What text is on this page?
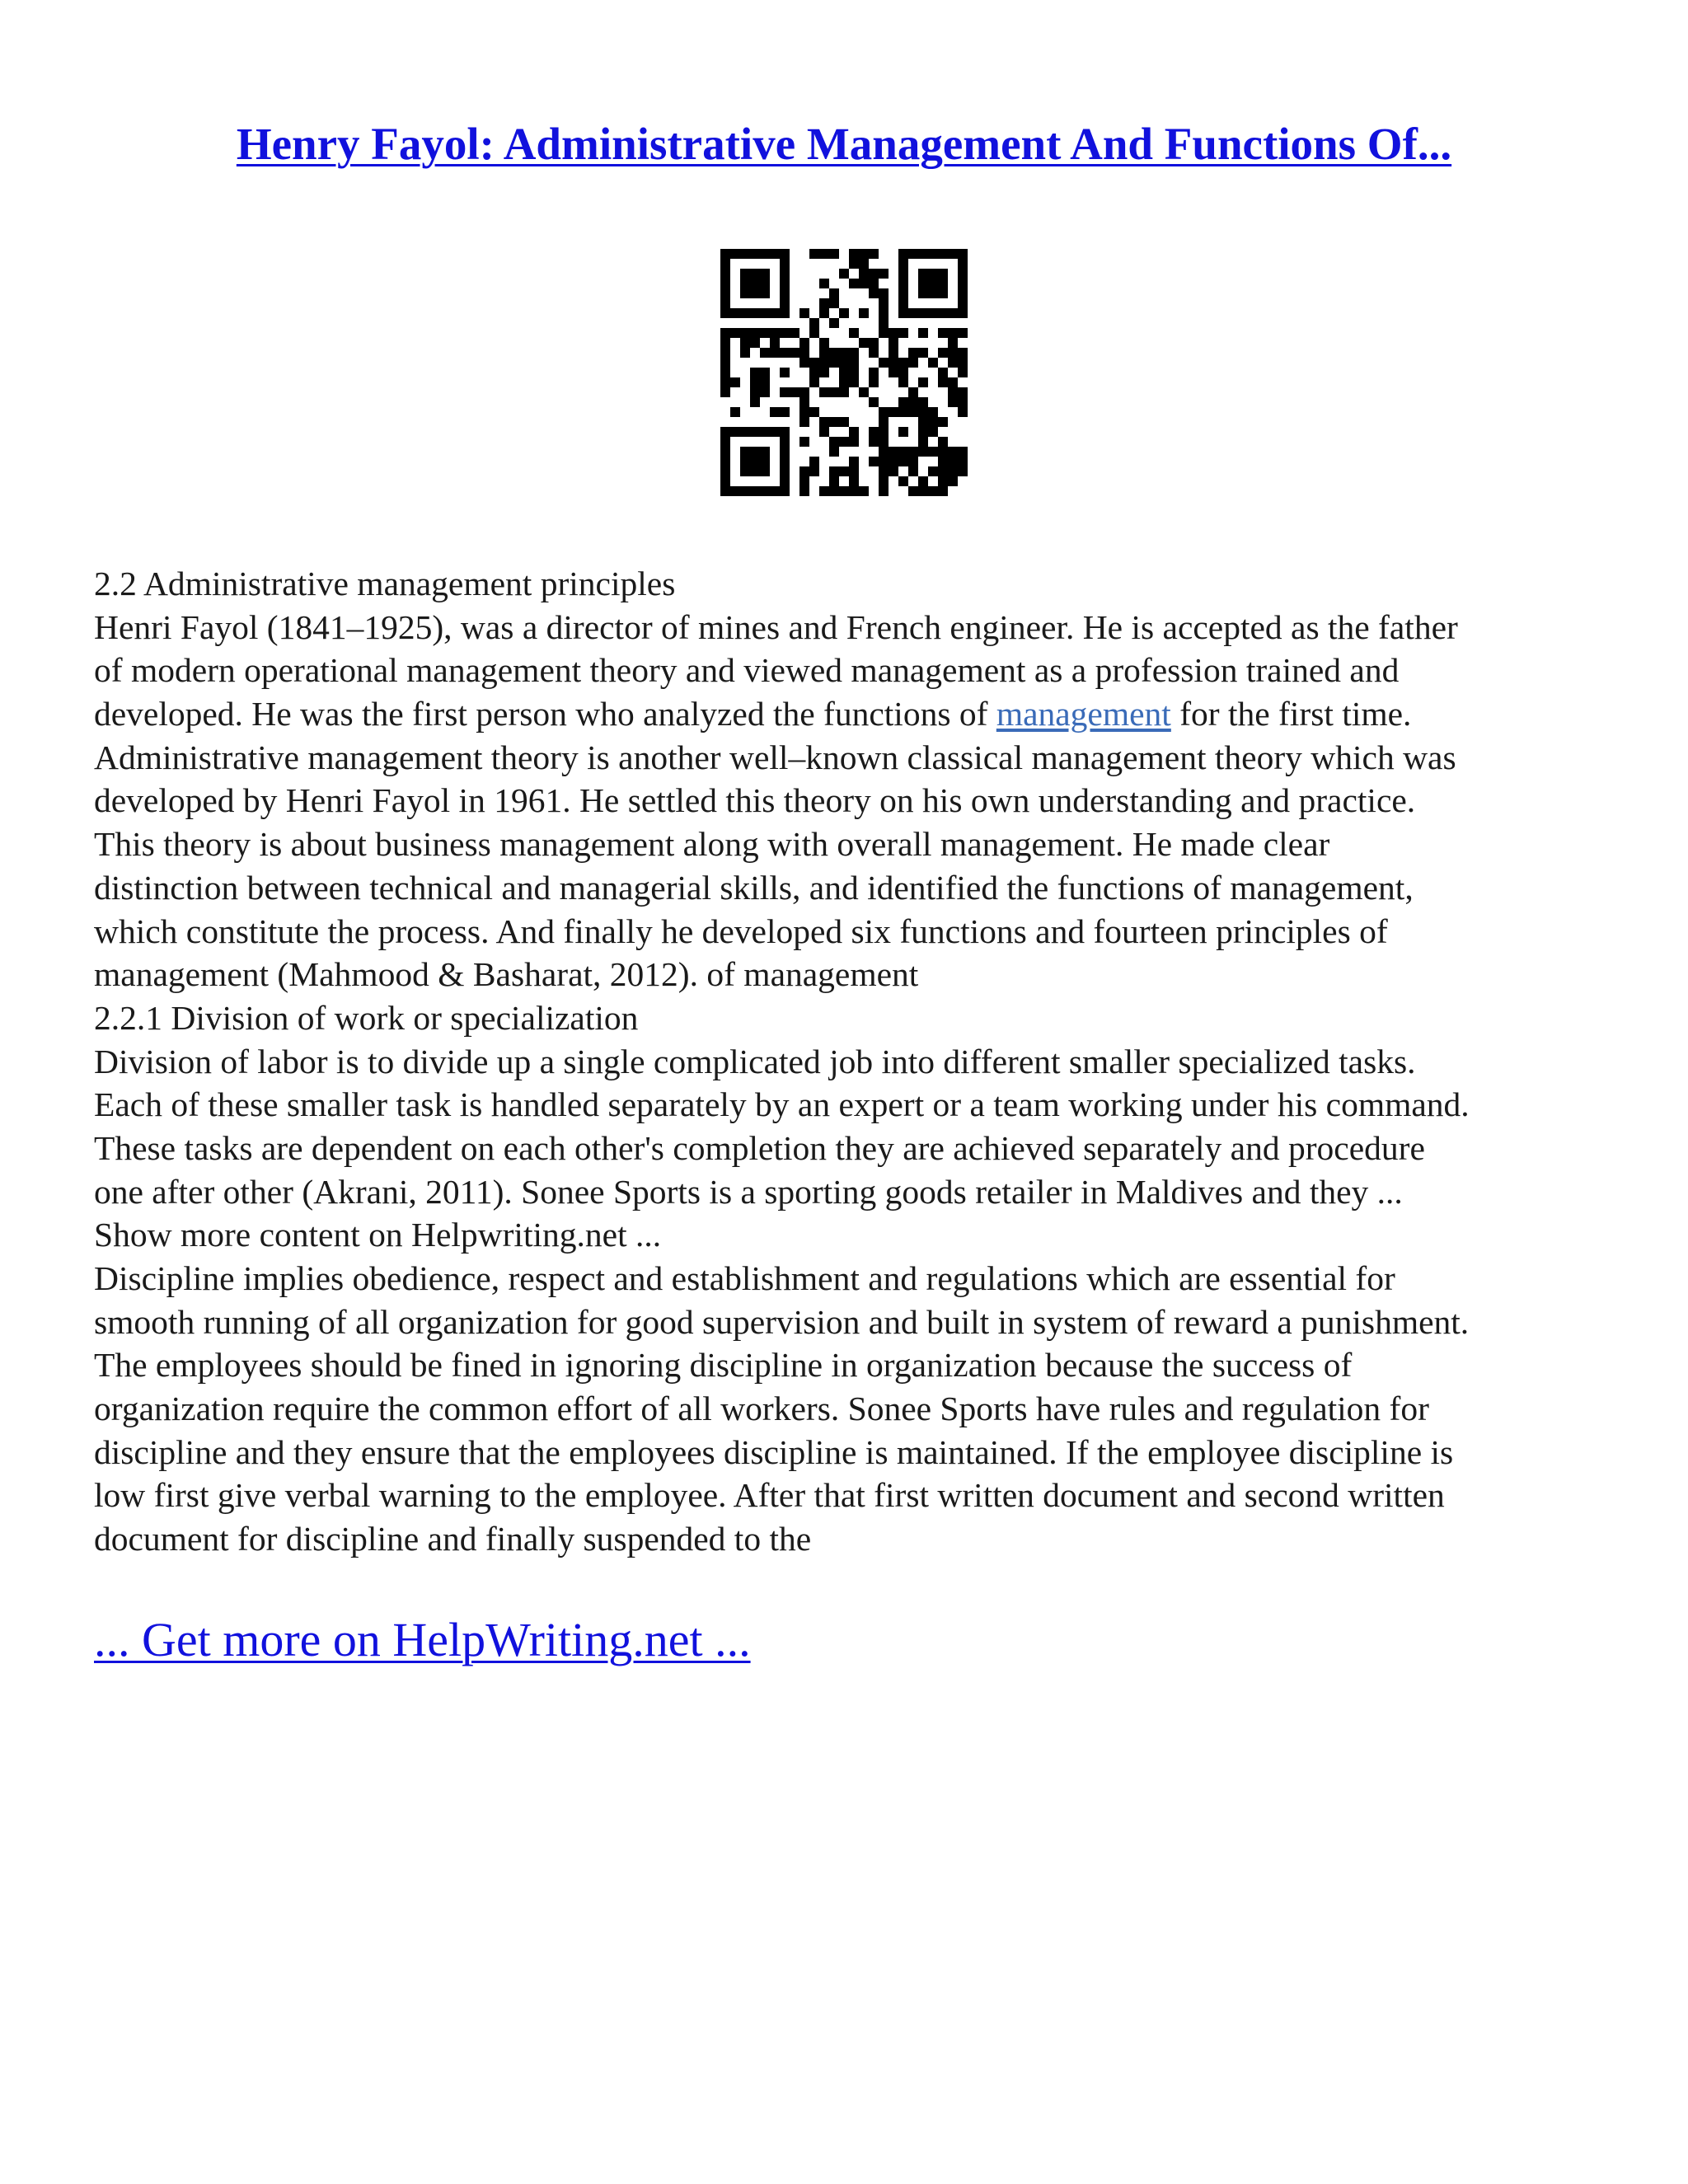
Henry Fayol: Administrative Management And Functions Of...
2.2 Administrative management principles
Henri Fayol (1841–1925), was a director of mines and French engineer. He is accepted as the father
of modern operational management theory and viewed management as a profession trained and
developed. He was the first person who analyzed the functions of management for the first time.
Administrative management theory is another well–known classical management theory which was
developed by Henri Fayol in 1961. He settled this theory on his own understanding and practice.
This theory is about business management along with overall management. He made clear
distinction between technical and managerial skills, and identified the functions of management,
which constitute the process. And finally he developed six functions and fourteen principles of
management (Mahmood & Basharat, 2012). of management
2.2.1 Division of work or specialization
Division of labor is to divide up a single complicated job into different smaller specialized tasks.
Each of these smaller task is handled separately by an expert or a team working under his command.
These tasks are dependent on each other's completion they are achieved separately and procedure
one after other (Akrani, 2011). Sonee Sports is a sporting goods retailer in Maldives and they ...
Show more content on Helpwriting.net ...
Discipline implies obedience, respect and establishment and regulations which are essential for
smooth running of all organization for good supervision and built in system of reward a punishment.
The employees should be fined in ignoring discipline in organization because the success of
organization require the common effort of all workers. Sonee Sports have rules and regulation for
discipline and they ensure that the employees discipline is maintained. If the employee discipline is
low first give verbal warning to the employee. After that first written document and second written
document for discipline and finally suspended to the

... Get more on HelpWriting.net ...
